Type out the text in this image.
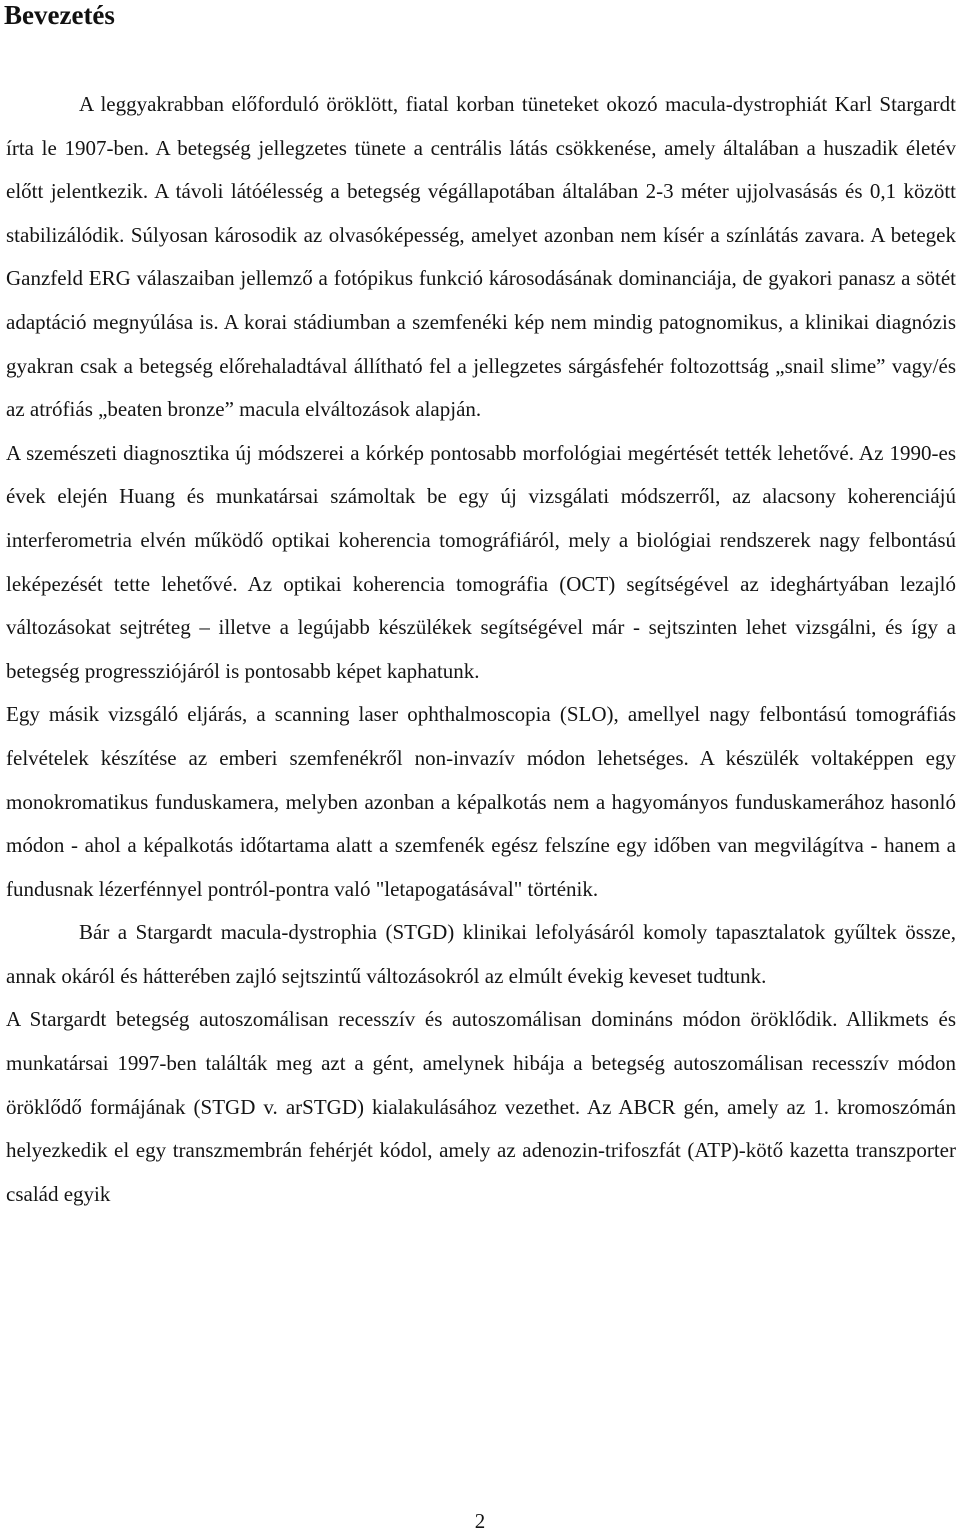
Bevezetés

A leggyakrabban előforduló öröklött, fiatal korban tüneteket okozó macula-dystrophiát Karl Stargardt írta le 1907-ben. A betegség jellegzetes tünete a centrális látás csökkenése, amely általában a huszadik életév előtt jelentkezik. A távoli látóélesség a betegség végállapotában általában 2-3 méter ujjolvasásás és 0,1 között stabilizálódik. Súlyosan károsodik az olvasóképesség, amelyet azonban nem kísér a színlátás zavara. A betegek Ganzfeld ERG válaszaiban jellemző a fotópikus funkció károsodásának dominanciája, de gyakori panasz a sötét adaptáció megnyúlása is. A korai stádiumban a szemfenéki kép nem mindig patognomikus, a klinikai diagnózis gyakran csak a betegség előrehaladtával állítható fel a jellegzetes sárgásfehér foltozottság „snail slime” vagy/és az atrófiás „beaten bronze” macula elváltozások alapján.

A szemészeti diagnosztika új módszerei a kórkép pontosabb morfológiai megértését tették lehetővé. Az 1990-es évek elején Huang és munkatársai számoltak be egy új vizsgálati módszerről, az alacsony koherenciájú interferometria elvén működő optikai koherencia tomográfiáról, mely a biológiai rendszerek nagy felbontású leképezését tette lehetővé. Az optikai koherencia tomográfia (OCT) segítségével az ideghártyában lezajló változásokat sejtréteg – illetve a legújabb készülékek segítségével már - sejtszinten lehet vizsgálni, és így a betegség progressziójáról is pontosabb képet kaphatunk.

Egy másik vizsgáló eljárás, a scanning laser ophthalmoscopia (SLO), amellyel nagy felbontású tomográfiás felvételek készítése az emberi szemfenékről non-invazív módon lehetséges. A készülék voltaképpen egy monokromatikus funduskamera, melyben azonban a képalkotás nem a hagyományos funduskamerához hasonló módon - ahol a képalkotás időtartama alatt a szemfenék egész felszíne egy időben van megvilágítva - hanem a fundusnak lézerfénnyel pontról-pontra való "letapogatásával" történik.

Bár a Stargardt macula-dystrophia (STGD) klinikai lefolyásáról komoly tapasztalatok gyűltek össze, annak okáról és hátterében zajló sejtszintű változásokról az elmúlt évekig keveset tudtunk.

A Stargardt betegség autoszomálisan recesszív és autoszomálisan domináns módon öröklődik. Allikmets és munkatársai 1997-ben találták meg azt a gént, amelynek hibája a betegség autoszomálisan recesszív módon öröklődő formájának (STGD v. arSTGD) kialakulásához vezethet. Az ABCR gén, amely az 1. kromoszómán helyezkedik el egy transzmembrán fehérjét kódol, amely az adenozin-trifoszfát (ATP)-kötő kazetta transzporter család egyik

2
